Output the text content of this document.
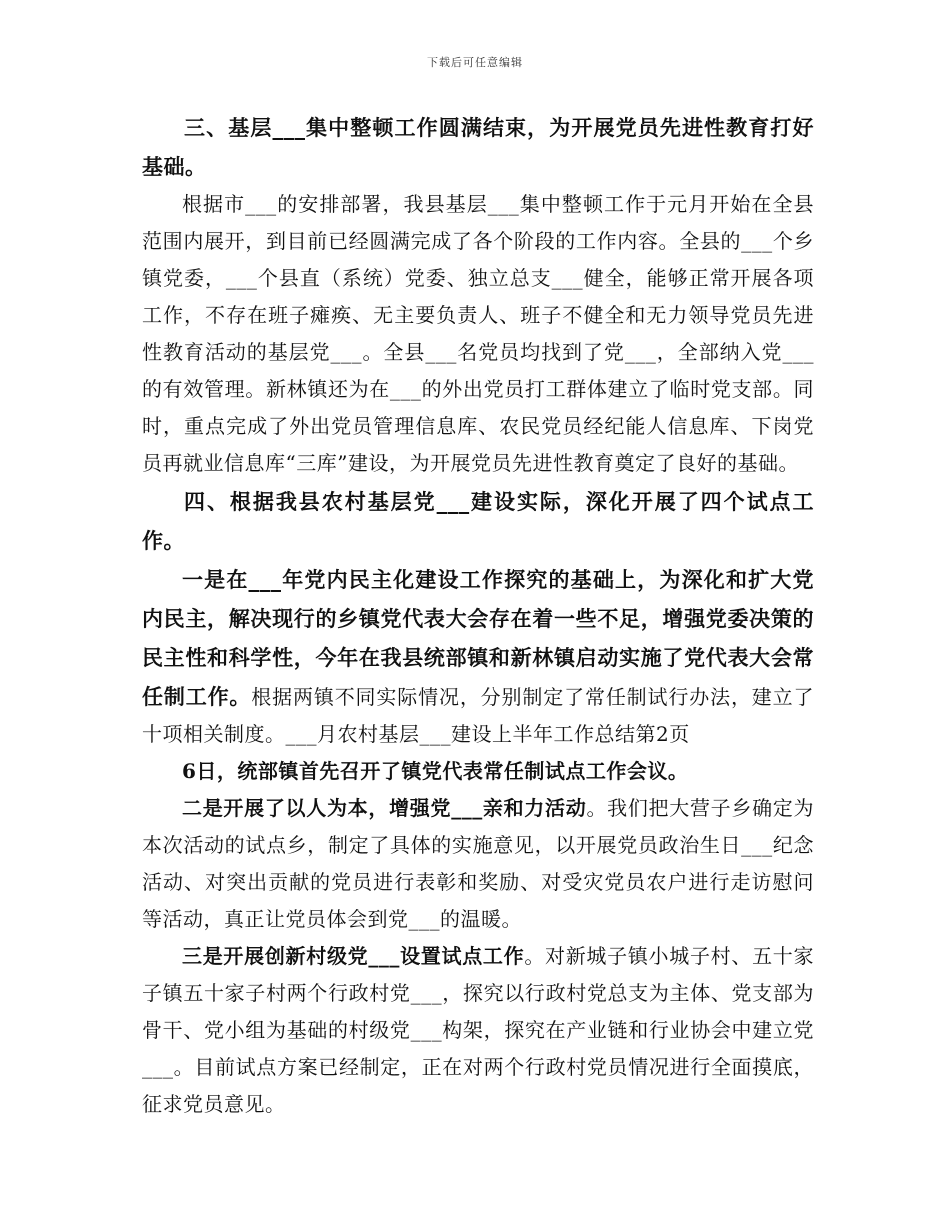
下载后可任意编辑

三、基层___集中整顿工作圆满结束，为开展党员先进性教育打好基础。

根据市___的安排部署，我县基层___集中整顿工作于元月开始在全县范围内展开，到目前已经圆满完成了各个阶段的工作内容。全县的___个乡镇党委，___个县直（系统）党委、独立总支___健全，能够正常开展各项工作，不存在班子瘫痪、无主要负责人、班子不健全和无力领导党员先进性教育活动的基层党___。全县___名党员均找到了党___，全部纳入党___的有效管理。新林镇还为在___的外出党员打工群体建立了临时党支部。同时，重点完成了外出党员管理信息库、农民党员经纪能人信息库、下岗党员再就业信息库“三库”建设，为开展党员先进性教育奠定了良好的基础。

四、根据我县农村基层党___建设实际，深化开展了四个试点工作。

一是在___年党内民主化建设工作探究的基础上，为深化和扩大党内民主，解决现行的乡镇党代表大会存在着一些不足，增强党委决策的民主性和科学性，今年在我县统部镇和新林镇启动实施了党代表大会常任制工作。根据两镇不同实际情况，分别制定了常任制试行办法，建立了十项相关制度。___月农村基层___建设上半年工作总结第2页

6日，统部镇首先召开了镇党代表常任制试点工作会议。

二是开展了以人为本，增强党___亲和力活动。我们把大营子乡确定为本次活动的试点乡，制定了具体的实施意见，以开展党员政治生日___纪念活动、对突出贡献的党员进行表彰和奖励、对受灾党员农户进行走访慰问等活动，真正让党员体会到党___的温暖。

三是开展创新村级党___设置试点工作。对新城子镇小城子村、五十家子镇五十家子村两个行政村党___，探究以行政村党总支为主体、党支部为骨干、党小组为基础的村级党___构架，探究在产业链和行业协会中建立党___。目前试点方案已经制定，正在对两个行政村党员情况进行全面摸底，征求党员意见。
